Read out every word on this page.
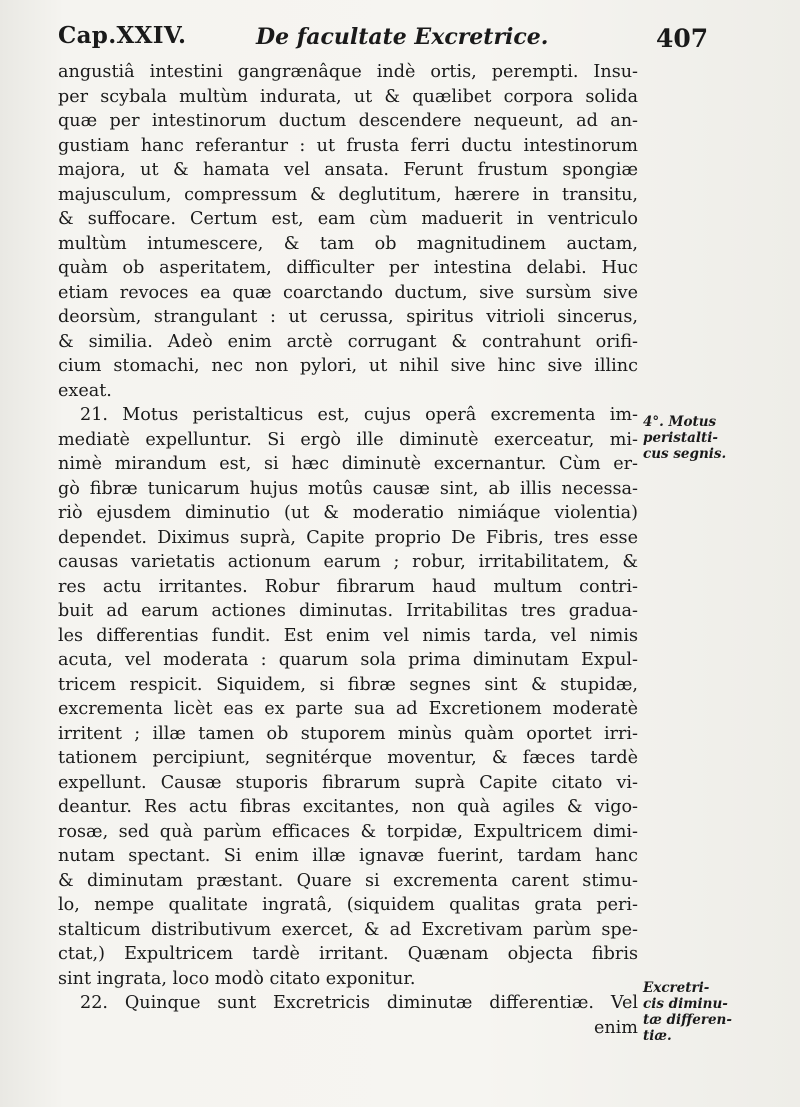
Cap.XXIV.	De facultate Excretrice.	407
angustiâ intestini gangrænâque indè ortis, perempti. Insu-
per scybala multùm indurata, ut & quælibet corpora solida
quæ per intestinorum ductum descendere nequeunt, ad an-
gustiam hanc referantur : ut frusta ferri ductu intestinorum
majora, ut & hamata vel ansata. Ferunt frustum spongiæ
majusculum, compressum & deglutitum, hærere in transitu,
& suffocare. Certum est, eam cùm maduerit in ventriculo
multùm intumescere, & tam ob magnitudinem auctam,
quàm ob asperitatem, difficulter per intestina delabi. Huc
etiam revoces ea quæ coarctando ductum, sive sursùm sive
deorsùm, strangulant : ut cerussa, spiritus vitrioli sincerus,
& similia. Adeò enim arctè corrugant & contrahunt orifi-
cium stomachi, nec non pylori, ut nihil sive hinc sive illinc
exeat.
21. Motus peristalticus est, cujus operâ excrementa im-
mediatè expelluntur. Si ergò ille diminutè exerceatur, mi-
nimè mirandum est, si hæc diminutè excernantur. Cùm er-
gò fibræ tunicarum hujus motûs causæ sint, ab illis necessa-
riò ejusdem diminutio (ut & moderatio nimiáque violentia)
dependet. Diximus suprà, Capite proprio De Fibris, tres esse
causas varietatis actionum earum ; robur, irritabilitatem, &
res actu irritantes. Robur fibrarum haud multum contri-
buit ad earum actiones diminutas. Irritabilitas tres gradua-
les differentias fundit. Est enim vel nimis tarda, vel nimis
acuta, vel moderata : quarum sola prima diminutam Expul-
tricem respicit. Siquidem, si fibræ segnes sint & stupidæ,
excrementa licèt eas ex parte sua ad Excretionem moderatè
irritent ; illæ tamen ob stuporem minùs quàm oportet irri-
tationem percipiunt, segnitérque moventur, & fæces tardè
expellunt. Causæ stuporis fibrarum suprà Capite citato vi-
deantur. Res actu fibras excitantes, non quà agiles & vigo-
rosæ, sed quà parùm efficaces & torpidæ, Expultricem dimi-
nutam spectant. Si enim illæ ignavæ fuerint, tardam hanc
& diminutam præstant. Quare si excrementa carent stimu-
lo, nempe qualitate ingratâ, (siquidem qualitas grata peri-
stalticum distributivum exercet, & ad Excretivam parùm spe-
ctat,) Expultricem tardè irritant. Quænam objecta fibris
sint ingrata, loco modò citato exponitur.
22. Quinque sunt Excretricis diminutæ differentiæ. Vel
enim
4°. Motus
peristalti-
cus segnis.
Excretri-
cis diminu-
tæ differen-
tiæ.
